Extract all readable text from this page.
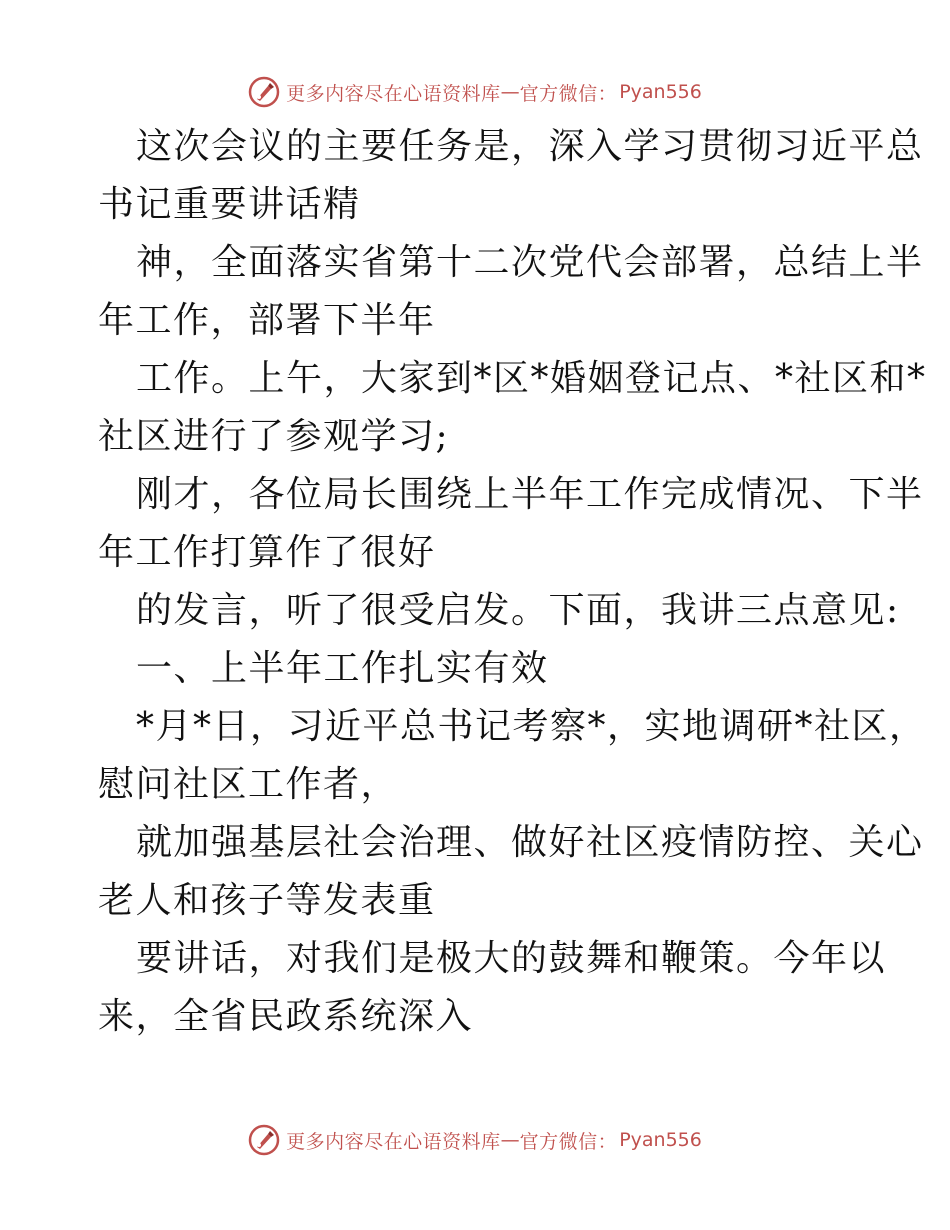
更多内容尽在心语资料库 — 官方微信： Pyan556
这次会议的主要任务是，深入学习贯彻习近平总
书记重要讲话精
神，全面落实省第十二次党代会部署，总结上半
年工作，部署下半年
工作。上午，大家到*区*婚姻登记点、*社区和*
社区进行了参观学习;
刚才，各位局长围绕上半年工作完成情况、下半
年工作打算作了很好
的发言，听了很受启发。下面，我讲三点意见:
一、上半年工作扎实有效
*月*日，习近平总书记考察*，实地调研*社区，
慰问社区工作者，
就加强基层社会治理、做好社区疫情防控、关心
老人和孩子等发表重
要讲话，对我们是极大的鼓舞和鞭策。今年以
来，全省民政系统深入
更多内容尽在心语资料库 — 官方微信： Pyan556
